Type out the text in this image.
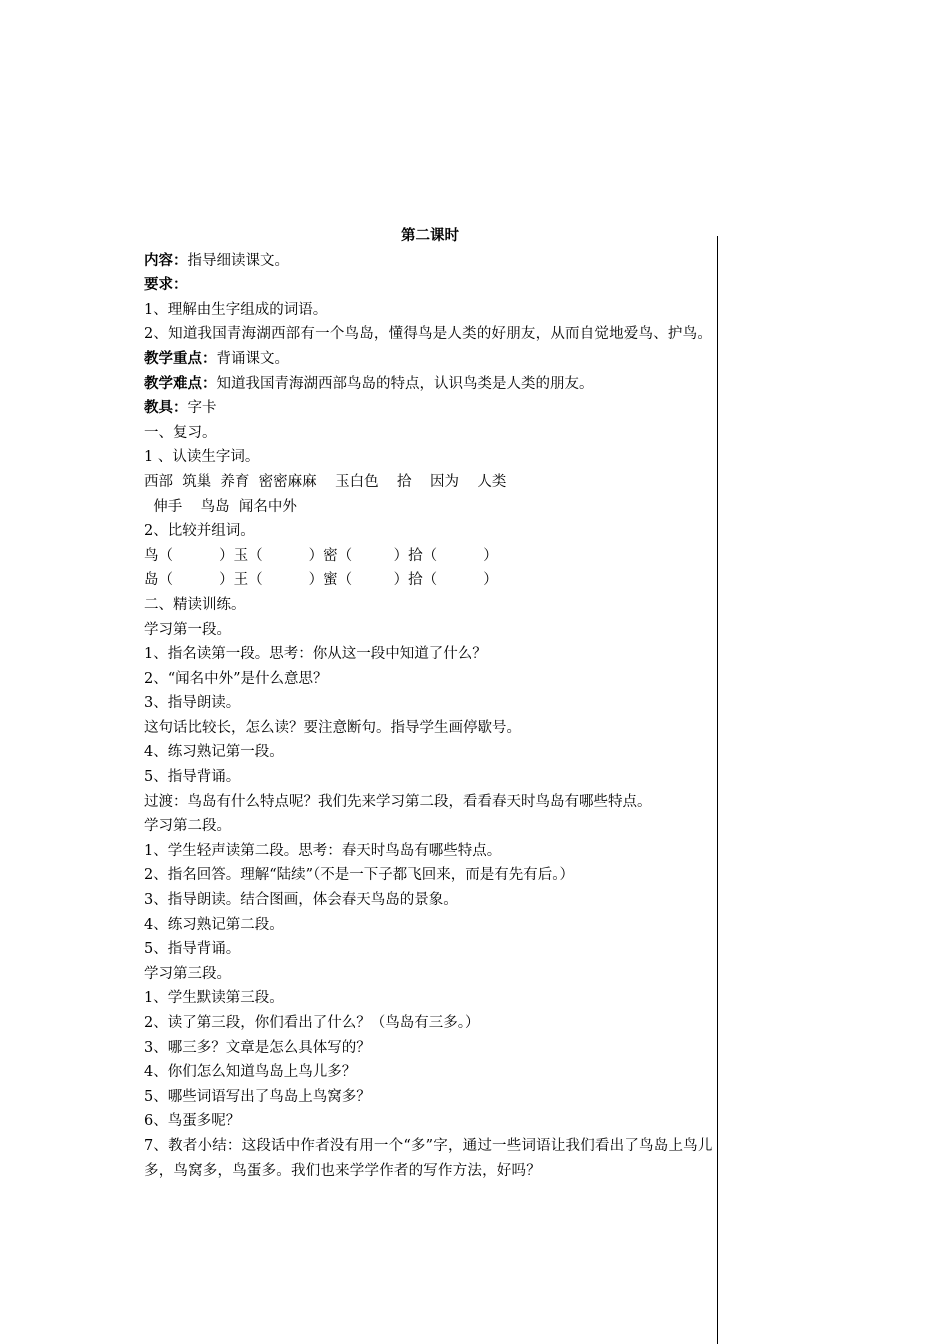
第二课时
内容：指导细读课文。
要求：
1、理解由生字组成的词语。
2、知道我国青海湖西部有一个鸟岛，懂得鸟是人类的好朋友，从而自觉地爱鸟、护鸟。
教学重点：背诵课文。
教学难点：知道我国青海湖西部鸟岛的特点，认识鸟类是人类的朋友。
教具：字卡
一、复习。
1 、认读生字词。
西部  筑巢  养育  密密麻麻    玉白色    拾    因为    人类
伸手    鸟岛  闻名中外
2、比较并组词。
鸟（          ）玉（          ）密（         ）拾（          ）
岛（          ）王（          ）蜜（         ）拾（          ）
二、精读训练。
学习第一段。
1、指名读第一段。思考：你从这一段中知道了什么？
2、“闻名中外”是什么意思？
3、指导朗读。
这句话比较长，怎么读？要注意断句。指导学生画停歇号。
4、练习熟记第一段。
5、指导背诵。
过渡：鸟岛有什么特点呢？我们先来学习第二段，看看春天时鸟岛有哪些特点。
学习第二段。
1、学生轻声读第二段。思考：春天时鸟岛有哪些特点。
2、指名回答。理解“陆续”（不是一下子都飞回来，而是有先有后。）
3、指导朗读。结合图画，体会春天鸟岛的景象。
4、练习熟记第二段。
5、指导背诵。
学习第三段。
1、学生默读第三段。
2、读了第三段，你们看出了什么？（鸟岛有三多。）
3、哪三多？文章是怎么具体写的？
4、你们怎么知道鸟岛上鸟儿多？
5、哪些词语写出了鸟岛上鸟窝多？
6、鸟蛋多呢？
7、教者小结：这段话中作者没有用一个“多”字，通过一些词语让我们看出了鸟岛上鸟儿多，鸟窝多，鸟蛋多。我们也来学学作者的写作方法，好吗？
